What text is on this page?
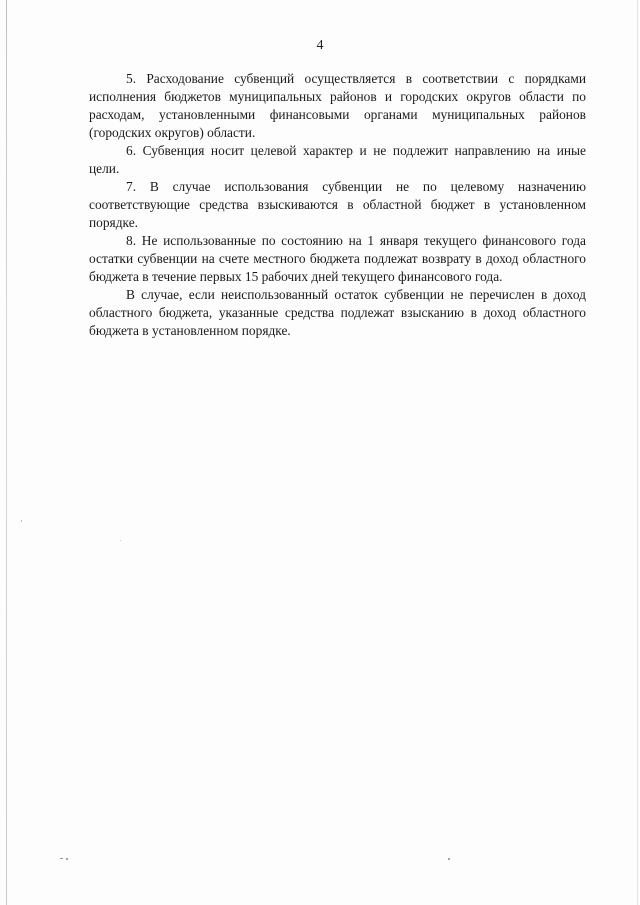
4

5. Расходование субвенций осуществляется в соответствии с порядками исполнения бюджетов муниципальных районов и городских округов области по расходам, установленными финансовыми органами муниципальных районов (городских округов) области.

6. Субвенция носит целевой характер и не подлежит направлению на иные цели.

7. В случае использования субвенции не по целевому назначению соответствующие средства взыскиваются в областной бюджет в установленном порядке.

8. Не использованные по состоянию на 1 января текущего финансового года остатки субвенции на счете местного бюджета подлежат возврату в доход областного бюджета в течение первых 15 рабочих дней текущего финансового года.

В случае, если неиспользованный остаток субвенции не перечислен в доход областного бюджета, указанные средства подлежат взысканию в доход областного бюджета в установленном порядке.
